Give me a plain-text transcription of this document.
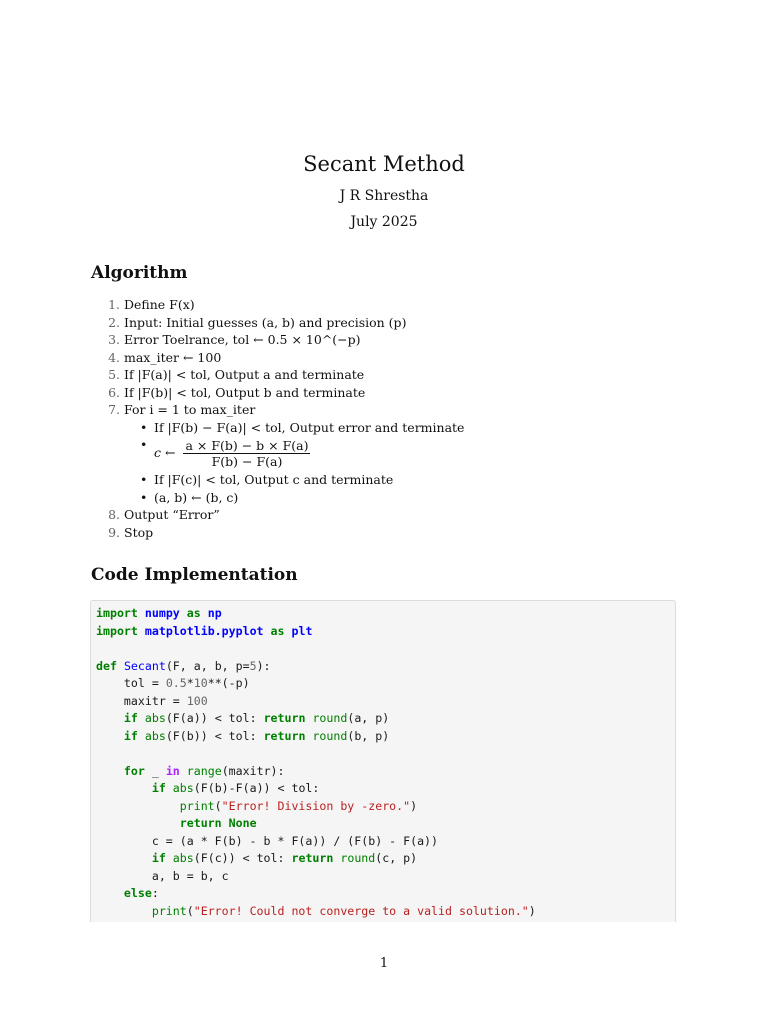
Secant Method
J R Shrestha
July 2025
Algorithm
1. Define F(x)
2. Input: Initial guesses (a, b) and precision (p)
3. Error Toelrance, tol ← 0.5 × 10^(−p)
4. max_iter ← 100
5. If |F(a)| < tol, Output a and terminate
6. If |F(b)| < tol, Output b and terminate
7. For i = 1 to max_iter
• If |F(b) − F(a)| < tol, Output error and terminate
• c ← $\frac{a \times F(b) - b \times F(a)}{F(b) - F(a)}$
• If |F(c)| < tol, Output c and terminate
• (a, b) ← (b, c)
8. Output “Error”
9. Stop
Code Implementation
import numpy as np
import matplotlib.pyplot as plt

def Secant(F, a, b, p=5):
tol = 0.5*10**(-p)
maxitr = 100
if abs(F(a)) < tol: return round(a, p)
if abs(F(b)) < tol: return round(b, p)

for _ in range(maxitr):
if abs(F(b)-F(a)) < tol:
print("Error! Division by -zero.")
return None
c = (a * F(b) - b * F(a)) / (F(b) - F(a))
if abs(F(c)) < tol: return round(c, p)
a, b = b, c
else:
print("Error! Could not converge to a valid solution.")
1
